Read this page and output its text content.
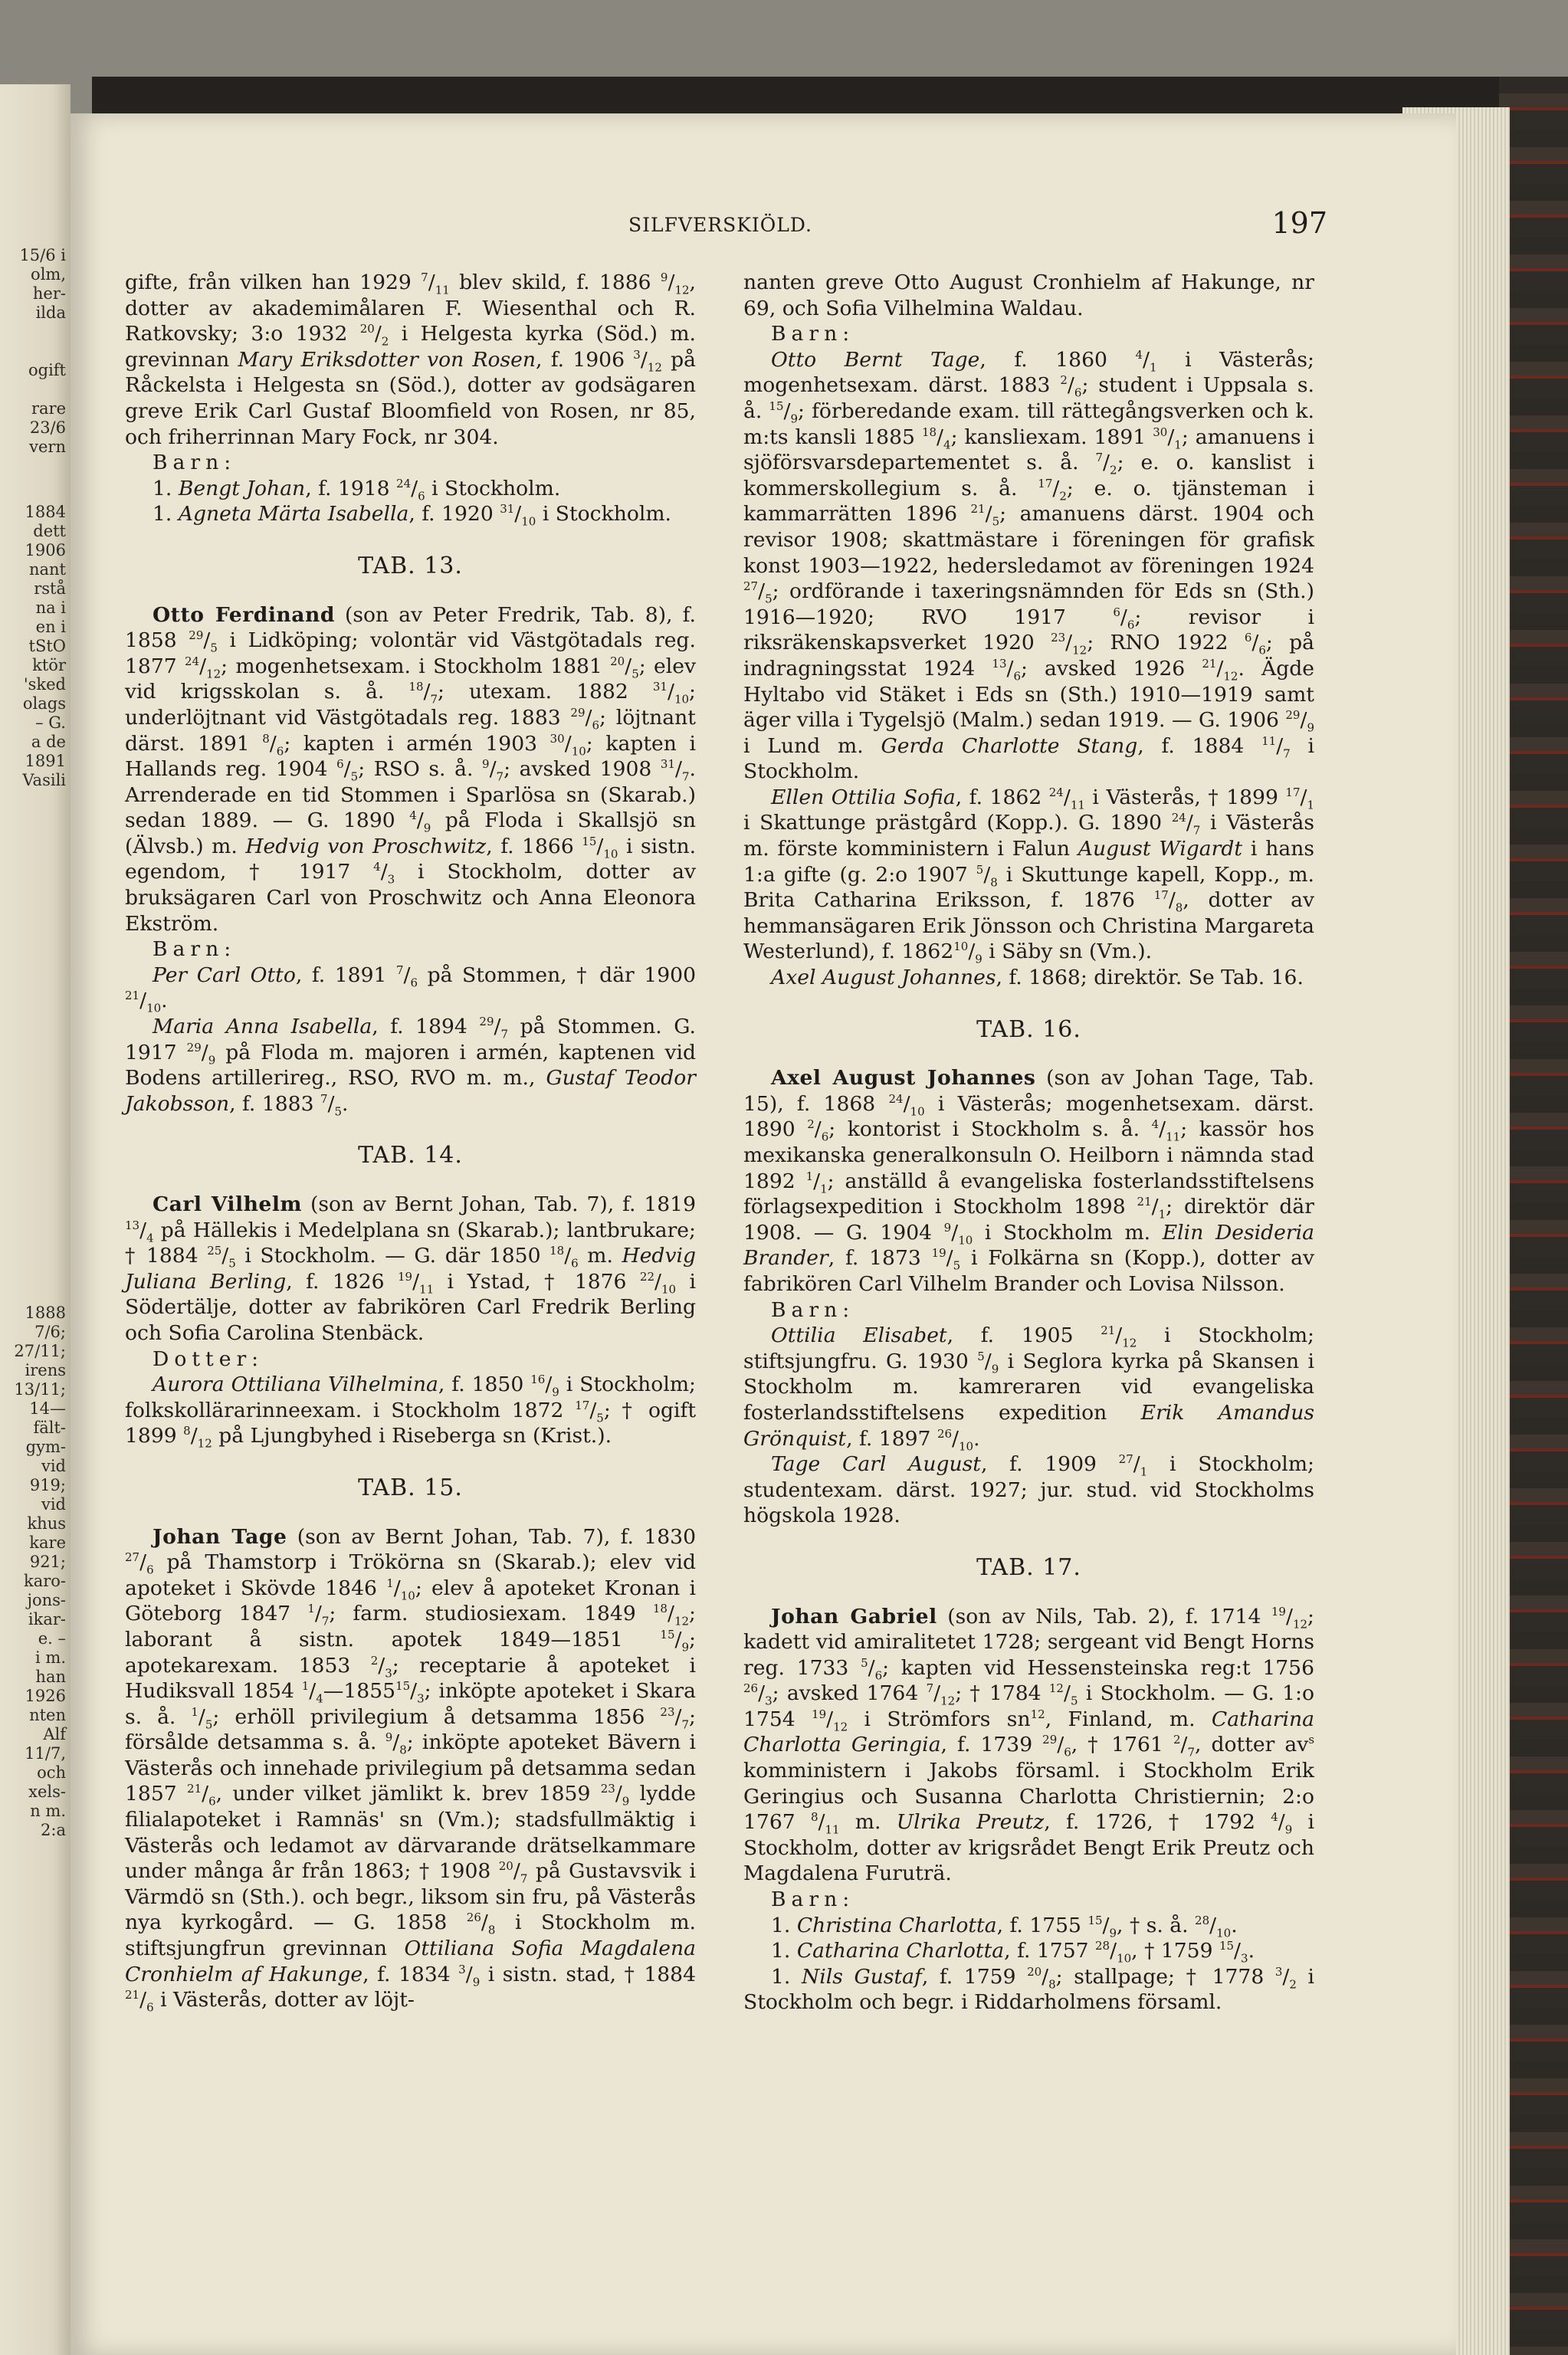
15/6 i
olm,
her-
ilda
ogift
rare
23/6
vern
1884
dett
1906
nant
rstå
na i
en i
tStO
ktör
'sked
olags
– G.
a de
1891
Vasili
1888
7/6;
27/11;
irens
13/11;
14—
fält-
gym-
vid
919;
vid
khus
kare
921;
karo-
jons-
ikar-
e. –
i m.
han
1926
nten
Alf
11/7,
och
xels-
n m.
2:a
SILFVERSKIÖLD.	197

gifte, från vilken han 1929 $^7/_{11}$ blev skild, f. 1886 $^9/_{12}$, dotter av akademimålaren F. Wiesenthal och R. Ratkovsky; 3:o 1932 $^{20}/_2$ i Helgesta kyrka (Söd.) m. grevinnan Mary Eriksdotter von Rosen, f. 1906 $^3/_{12}$ på Råckelsta i Helgesta sn (Söd.), dotter av godsägaren greve Erik Carl Gustaf Bloomfield von Rosen, nr 85, och friherrinnan Mary Fock, nr 304.

Barn:

1. Bengt Johan, f. 1918 $^{24}/_6$ i Stockholm.

1. Agneta Märta Isabella, f. 1920 $^{31}/_{10}$ i Stockholm.

TAB. 13.

Otto Ferdinand (son av Peter Fredrik, Tab. 8), f. 1858 $^{29}/_5$ i Lidköping; volontär vid Västgötadals reg. 1877 $^{24}/_{12}$; mogenhetsexam. i Stockholm 1881 $^{20}/_5$; elev vid krigsskolan s. å. $^{18}/_7$; utexam. 1882 $^{31}/_{10}$; underlöjtnant vid Västgötadals reg. 1883 $^{29}/_6$; löjtnant därst. 1891 $^8/_6$; kapten i armén 1903 $^{30}/_{10}$; kapten i Hallands reg. 1904 $^6/_5$; RSO s. å. $^9/_7$; avsked 1908 $^{31}/_7$. Arrenderade en tid Stommen i Sparlösa sn (Skarab.) sedan 1889. — G. 1890 $^4/_9$ på Floda i Skallsjö sn (Älvsb.) m. Hedvig von Proschwitz, f. 1866 $^{15}/_{10}$ i sistn. egendom, † 1917 $^4/_3$ i Stockholm, dotter av bruksägaren Carl von Proschwitz och Anna Eleonora Ekström.

Barn:

Per Carl Otto, f. 1891 $^7/_6$ på Stommen, † där 1900 $^{21}/_{10}$.

Maria Anna Isabella, f. 1894 $^{29}/_7$ på Stommen. G. 1917 $^{29}/_9$ på Floda m. majoren i armén, kaptenen vid Bodens artillerireg., RSO, RVO m. m., Gustaf Teodor Jakobsson, f. 1883 $^7/_5$.

TAB. 14.

Carl Vilhelm (son av Bernt Johan, Tab. 7), f. 1819 $^{13}/_4$ på Hällekis i Medelplana sn (Skarab.); lantbrukare; † 1884 $^{25}/_5$ i Stockholm. — G. där 1850 $^{18}/_6$ m. Hedvig Juliana Berling, f. 1826 $^{19}/_{11}$ i Ystad, † 1876 $^{22}/_{10}$ i Södertälje, dotter av fabrikören Carl Fredrik Berling och Sofia Carolina Stenbäck.

Dotter:

Aurora Ottiliana Vilhelmina, f. 1850 $^{16}/_9$ i Stockholm; folkskollärarinneexam. i Stockholm 1872 $^{17}/_5$; † ogift 1899 $^8/_{12}$ på Ljungbyhed i Riseberga sn (Krist.).

TAB. 15.

Johan Tage (son av Bernt Johan, Tab. 7), f. 1830 $^{27}/_6$ på Thamstorp i Trökörna sn (Skarab.); elev vid apoteket i Skövde 1846 $^1/_{10}$; elev å apoteket Kronan i Göteborg 1847 $^1/_7$; farm. studiosiexam. 1849 $^{18}/_{12}$; laborant å sistn. apotek 1849—1851 $^{15}/_9$; apotekarexam. 1853 $^2/_3$; receptarie å apoteket i Hudiksvall 1854 $^1/_4—1855^{15}/_3$; inköpte apoteket i Skara s. å. $^1/_5$; erhöll privilegium å detsamma 1856 $^{23}/_7$; försålde detsamma s. å. $^9/_8$; inköpte apoteket Bävern i Västerås och innehade privilegium på detsamma sedan 1857 $^{21}/_6$, under vilket jämlikt k. brev 1859 $^{23}/_9$ lydde filialapoteket i Ramnäs' sn (Vm.); stadsfullmäktig i Västerås och ledamot av därvarande drätselkammare under många år från 1863; † 1908 $^{20}/_7$ på Gustavsvik i Värmdö sn (Sth.). och begr., liksom sin fru, på Västerås nya kyrkogård. — G. 1858 $^{26}/_8$ i Stockholm m. stiftsjungfrun grevinnan Ottiliana Sofia Magdalena Cronhielm af Hakunge, f. 1834 $^3/_9$ i sistn. stad, † 1884 $^{21}/_6$ i Västerås, dotter av löjt-

nanten greve Otto August Cronhielm af Hakunge, nr 69, och Sofia Vilhelmina Waldau.

Barn:

Otto Bernt Tage, f. 1860 $^4/_1$ i Västerås; mogenhetsexam. därst. 1883 $^2/_6$; student i Uppsala s. å. $^{15}/_9$; förberedande exam. till rättegångsverken och k. m:ts kansli 1885 $^{18}/_4$; kansliexam. 1891 $^{30}/_1$; amanuens i sjöförsvarsdepartementet s. å. $^7/_2$; e. o. kanslist i kommerskollegium s. å. $^{17}/_2$; e. o. tjänsteman i kammarrätten 1896 $^{21}/_5$; amanuens därst. 1904 och revisor 1908; skattmästare i föreningen för grafisk konst 1903—1922, hedersledamot av föreningen 1924 $^{27}/_5$; ordförande i taxeringsnämnden för Eds sn (Sth.) 1916—1920; RVO 1917 $^6/_6$; revisor i riksräkenskapsverket 1920 $^{23}/_{12}$; RNO 1922 $^6/_6$; på indragningsstat 1924 $^{13}/_6$; avsked 1926 $^{21}/_{12}$. Ägde Hyltabo vid Stäket i Eds sn (Sth.) 1910—1919 samt äger villa i Tygelsjö (Malm.) sedan 1919. — G. 1906 $^{29}/_9$ i Lund m. Gerda Charlotte Stang, f. 1884 $^{11}/_7$ i Stockholm.

Ellen Ottilia Sofia, f. 1862 $^{24}/_{11}$ i Västerås, † 1899 $^{17}/_1$ i Skattunge prästgård (Kopp.). G. 1890 $^{24}/_7$ i Västerås m. förste komministern i Falun August Wigardt i hans 1:a gifte (g. 2:o 1907 $^5/_8$ i Skuttunge kapell, Kopp., m. Brita Catharina Eriksson, f. 1876 $^{17}/_8$, dotter av hemmansägaren Erik Jönsson och Christina Margareta Westerlund), f. $1862^{10}/_9$ i Säby sn (Vm.).

Axel August Johannes, f. 1868; direktör. Se Tab. 16.

TAB. 16.

Axel August Johannes (son av Johan Tage, Tab. 15), f. 1868 $^{24}/_{10}$ i Västerås; mogenhetsexam. därst. 1890 $^2/_6$; kontorist i Stockholm s. å. $^4/_{11}$; kassör hos mexikanska generalkonsuln O. Heilborn i nämnda stad 1892 $^1/_1$; anställd å evangeliska fosterlandsstiftelsens förlagsexpedition i Stockholm 1898 $^{21}/_1$; direktör där 1908. — G. 1904 $^9/_{10}$ i Stockholm m. Elin Desideria Brander, f. 1873 $^{19}/_5$ i Folkärna sn (Kopp.), dotter av fabrikören Carl Vilhelm Brander och Lovisa Nilsson.

Barn:

Ottilia Elisabet, f. 1905 $^{21}/_{12}$ i Stockholm; stiftsjungfru. G. 1930 $^5/_9$ i Seglora kyrka på Skansen i Stockholm m. kamreraren vid evangeliska fosterlandsstiftelsens expedition Erik Amandus Grönquist, f. 1897 $^{26}/_{10}$.

Tage Carl August, f. 1909 $^{27}/_1$ i Stockholm; studentexam. därst. 1927; jur. stud. vid Stockholms högskola 1928.

TAB. 17.

Johan Gabriel (son av Nils, Tab. 2), f. 1714 $^{19}/_{12}$; kadett vid amiralitetet 1728; sergeant vid Bengt Horns reg. 1733 $^5/_6$; kapten vid Hessensteinska reg:t 1756 $^{26}/_3$; avsked 1764 $^7/_{12}$; † 1784 $^{12}/_5$ i Stockholm. — G. 1:o 1754 $^{19}/_{12}$ i Strömfors $sn^{12}$, Finland, m. Catharina Charlotta Geringia, f. 1739 $^{29}/_6$, † 1761 $^2/_7$, dotter $av^s$ komministern i Jakobs församl. i Stockholm Erik Geringius och Susanna Charlotta Christiernin; 2:o 1767 $^8/_{11}$ m. Ulrika Preutz, f. 1726, † 1792 $^4/_9$ i Stockholm, dotter av krigsrådet Bengt Erik Preutz och Magdalena Furuträ.

Barn:

1. Christina Charlotta, f. 1755 $^{15}/_9$, † s. å. $^{28}/_{10}$.

1. Catharina Charlotta, f. 1757 $^{28}/_{10}$, † 1759 $^{15}/_3$.

1. Nils Gustaf, f. 1759 $^{20}/_8$; stallpage; † 1778 $^3/_2$ i Stockholm och begr. i Riddarholmens församl.
